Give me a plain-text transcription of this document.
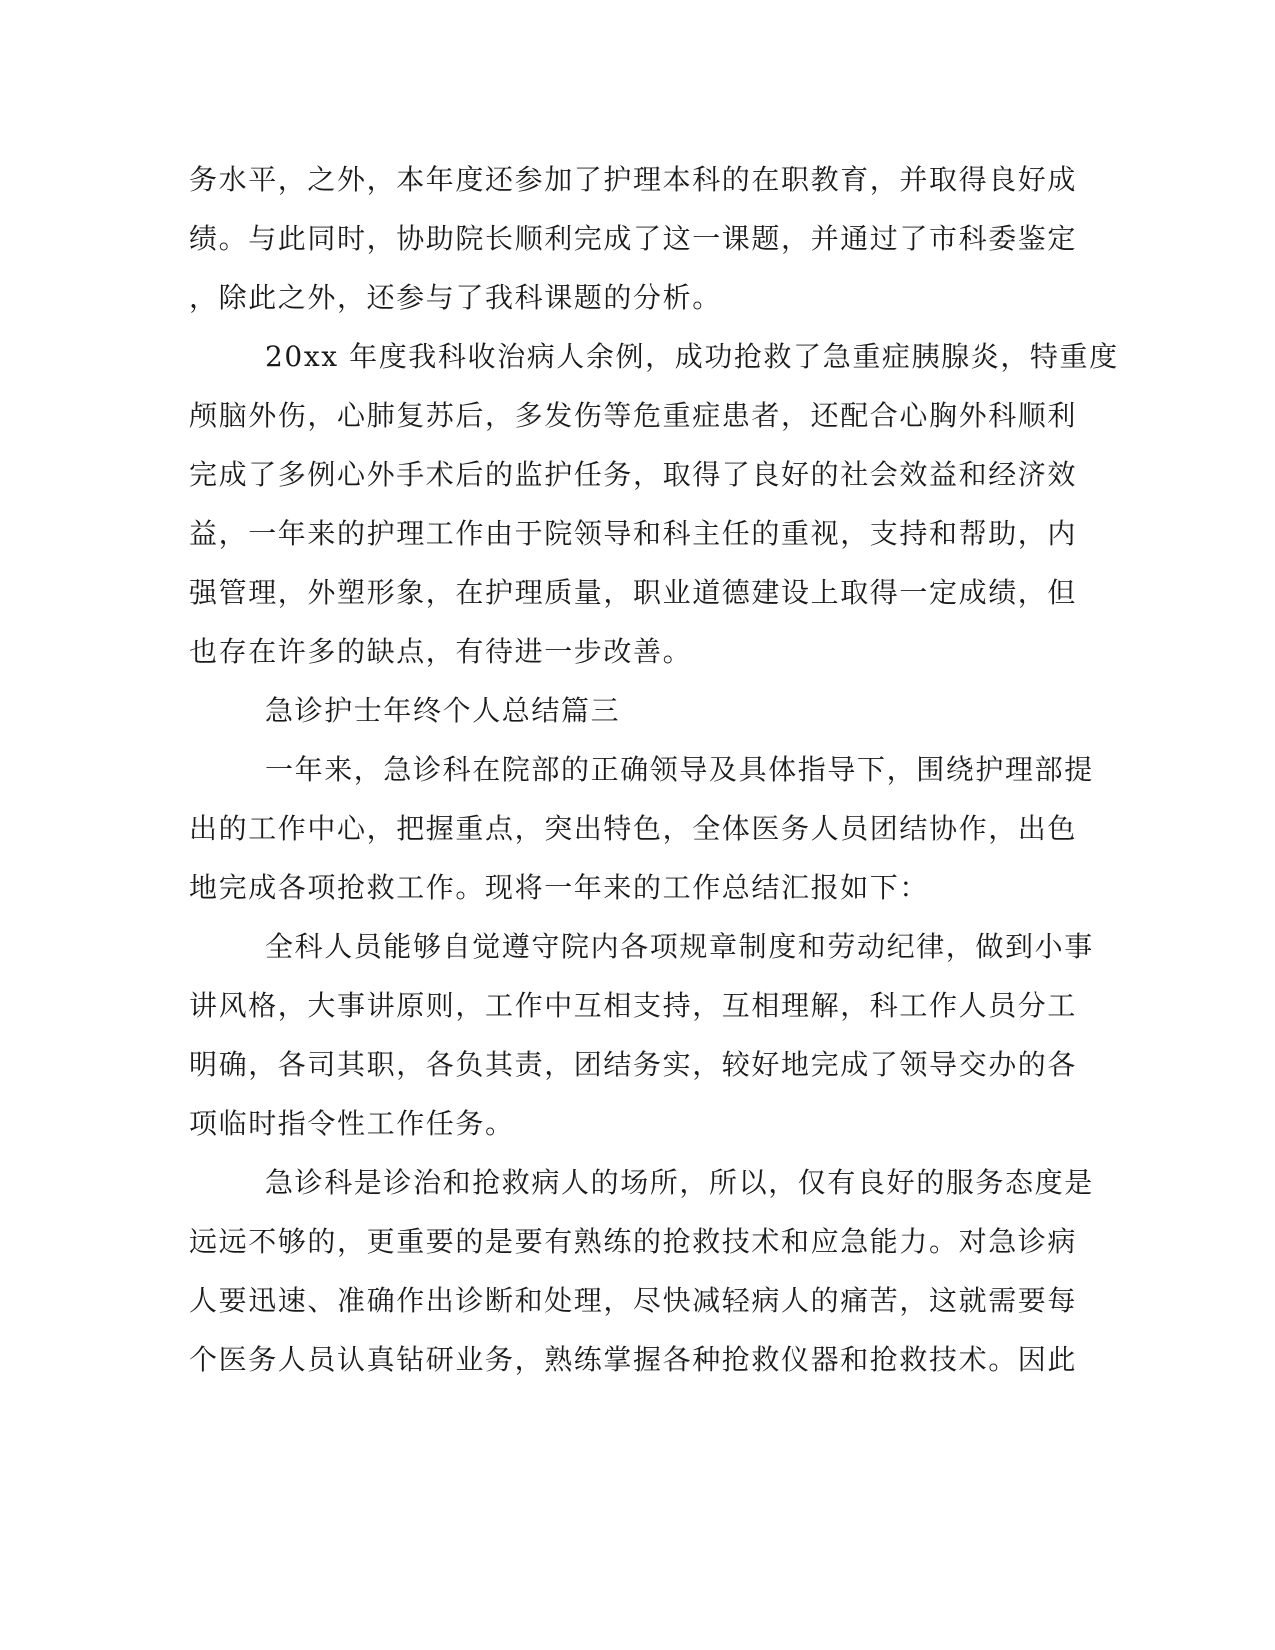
务水平，之外，本年度还参加了护理本科的在职教育，并取得良好成

绩。与此同时，协助院长顺利完成了这一课题，并通过了市科委鉴定

，除此之外，还参与了我科课题的分析。

20xx 年度我科收治病人余例，成功抢救了急重症胰腺炎，特重度

颅脑外伤，心肺复苏后，多发伤等危重症患者，还配合心胸外科顺利

完成了多例心外手术后的监护任务，取得了良好的社会效益和经济效

益，一年来的护理工作由于院领导和科主任的重视，支持和帮助，内

强管理，外塑形象，在护理质量，职业道德建设上取得一定成绩，但

也存在许多的缺点，有待进一步改善。

急诊护士年终个人总结篇三

一年来，急诊科在院部的正确领导及具体指导下，围绕护理部提

出的工作中心，把握重点，突出特色，全体医务人员团结协作，出色

地完成各项抢救工作。现将一年来的工作总结汇报如下：

全科人员能够自觉遵守院内各项规章制度和劳动纪律，做到小事

讲风格，大事讲原则，工作中互相支持，互相理解，科工作人员分工

明确，各司其职，各负其责，团结务实，较好地完成了领导交办的各

项临时指令性工作任务。

急诊科是诊治和抢救病人的场所，所以，仅有良好的服务态度是

远远不够的，更重要的是要有熟练的抢救技术和应急能力。对急诊病

人要迅速、准确作出诊断和处理，尽快减轻病人的痛苦，这就需要每

个医务人员认真钻研业务，熟练掌握各种抢救仪器和抢救技术。因此
